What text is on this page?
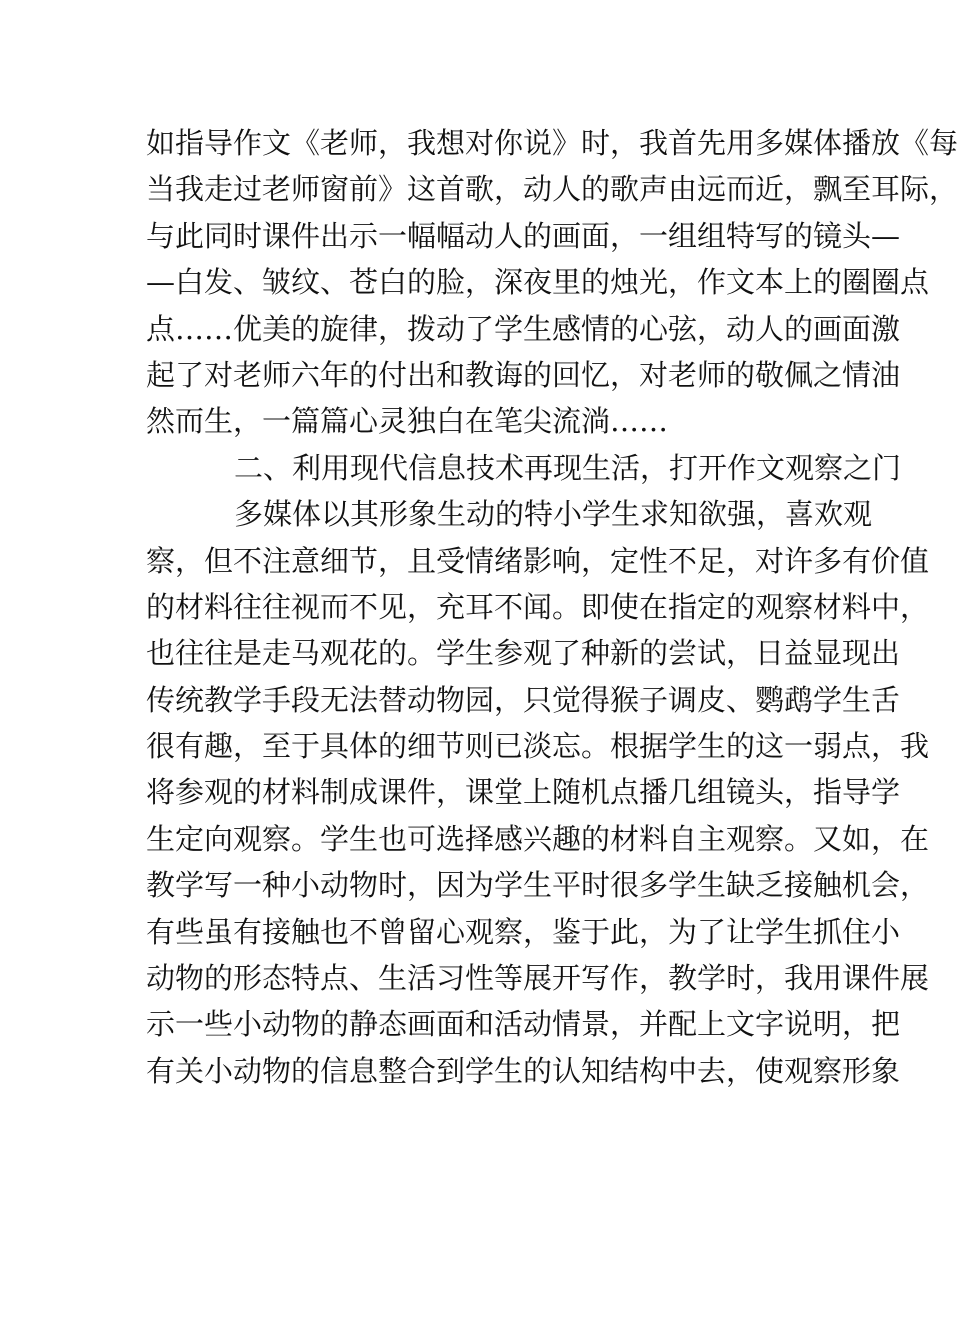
如指导作文《老师，我想对你说》时，我首先用多媒体播放《每
当我走过老师窗前》这首歌，动人的歌声由远而近，飘至耳际，
与此同时课件出示一幅幅动人的画面，一组组特写的镜头—
—白发、皱纹、苍白的脸，深夜里的烛光，作文本上的圈圈点
点……优美的旋律，拨动了学生感情的心弦，动人的画面激
起了对老师六年的付出和教诲的回忆，对老师的敬佩之情油
然而生，一篇篇心灵独白在笔尖流淌……
二、利用现代信息技术再现生活，打开作文观察之门
多媒体以其形象生动的特小学生求知欲强，喜欢观
察，但不注意细节，且受情绪影响，定性不足，对许多有价值
的材料往往视而不见，充耳不闻。即使在指定的观察材料中，
也往往是走马观花的。学生参观了种新的尝试，日益显现出
传统教学手段无法替动物园，只觉得猴子调皮、鹦鹉学生舌
很有趣，至于具体的细节则已淡忘。根据学生的这一弱点，我
将参观的材料制成课件，课堂上随机点播几组镜头，指导学
生定向观察。学生也可选择感兴趣的材料自主观察。又如，在
教学写一种小动物时，因为学生平时很多学生缺乏接触机会，
有些虽有接触也不曾留心观察，鉴于此，为了让学生抓住小
动物的形态特点、生活习性等展开写作，教学时，我用课件展
示一些小动物的静态画面和活动情景，并配上文字说明，把
有关小动物的信息整合到学生的认知结构中去，使观察形象
